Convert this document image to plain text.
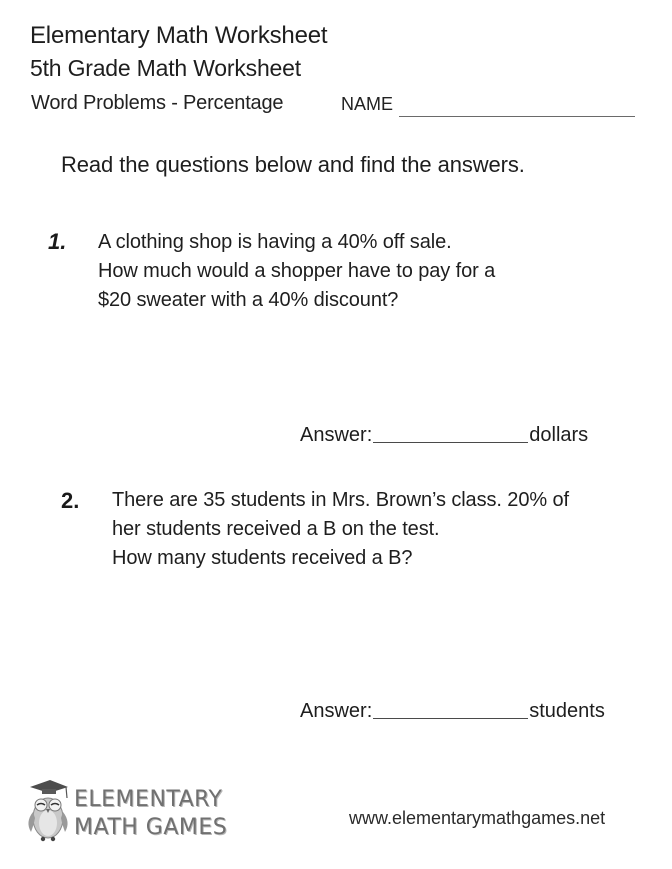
Elementary Math Worksheet
5th Grade Math Worksheet
Word Problems - Percentage	NAME
Read the questions below and find the answers.
1. A clothing shop is having a 40% off sale.
How much would a shopper have to pay for a
$20 sweater with a 40% discount?
Answer:	dollars
2. There are 35 students in Mrs. Brown’s class. 20% of
her students received a B on the test.
How many students received a B?
Answer:	students
ELEMENTARY
MATH GAMES	www.elementarymathgames.net
